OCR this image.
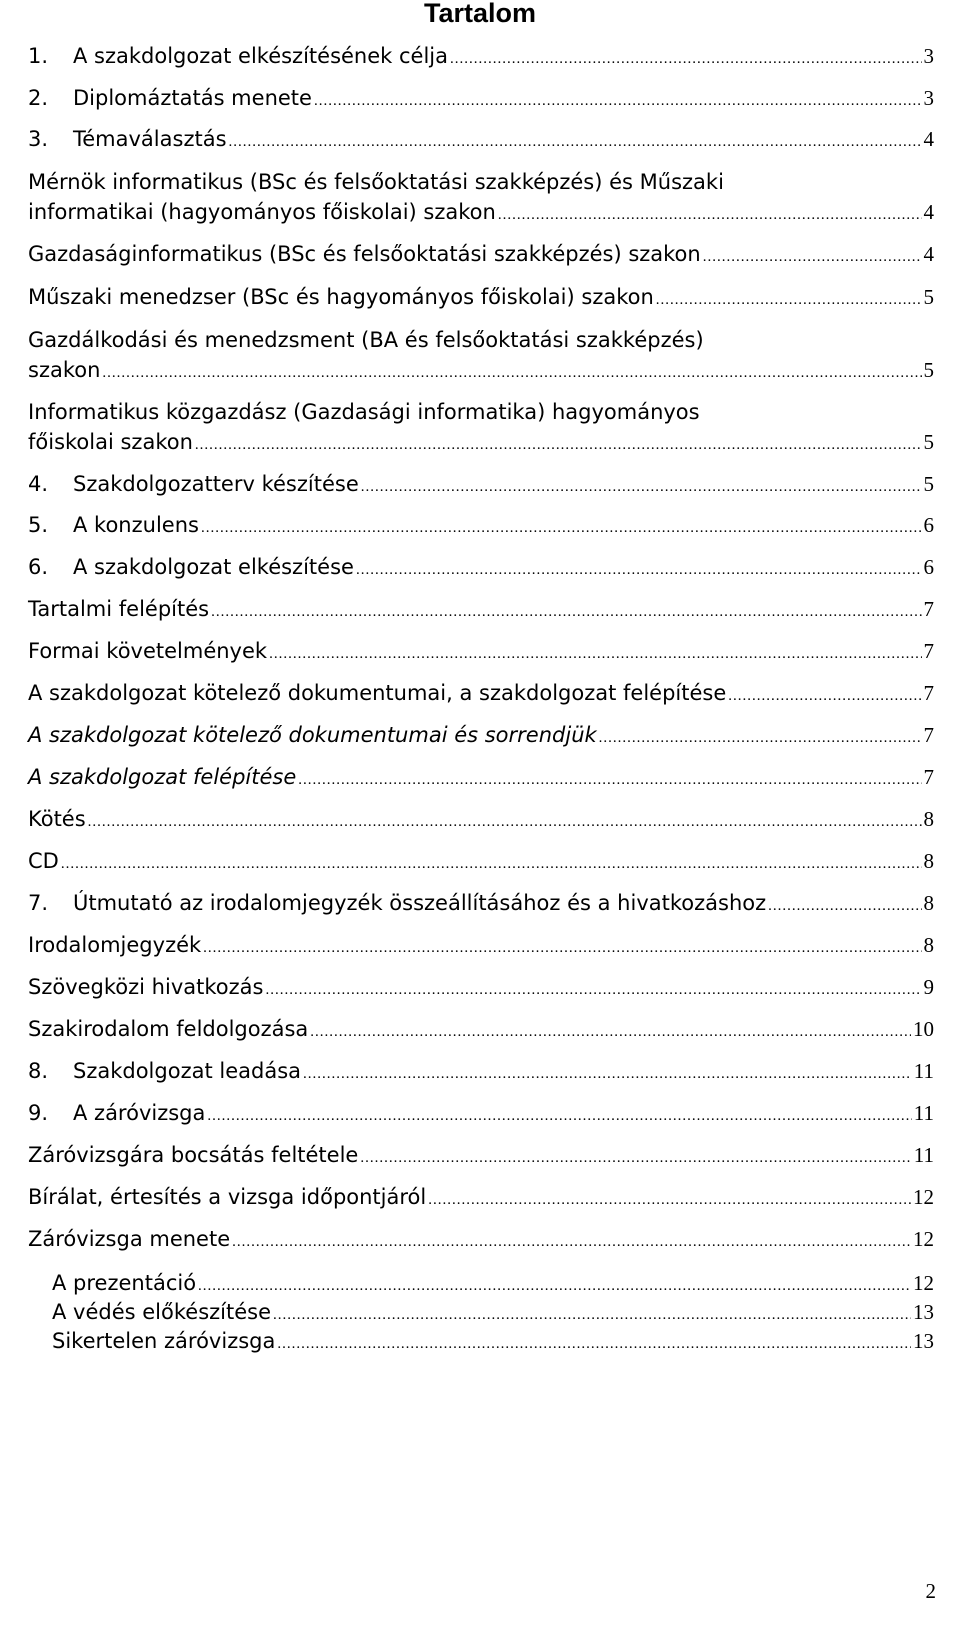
Tartalom
1.	A szakdolgozat elkészítésének célja .....	3
2.	Diplomáztatás menete .....	3
3.	Témaválasztás .....	4
Mérnök informatikus (BSc és felsőoktatási szakképzés) és Műszaki
informatikai (hagyományos főiskolai) szakon .....	4
Gazdaságinformatikus (BSc és felsőoktatási szakképzés) szakon .....	4
Műszaki menedzser (BSc és hagyományos főiskolai) szakon .....	5
Gazdálkodási és menedzsment (BA és felsőoktatási szakképzés)
szakon .....	5
Informatikus közgazdász (Gazdasági informatika) hagyományos
főiskolai szakon .....	5
4.	Szakdolgozatterv készítése .....	5
5.	A konzulens .....	6
6.	A szakdolgozat elkészítése .....	6
Tartalmi felépítés .....	7
Formai követelmények .....	7
A szakdolgozat kötelező dokumentumai, a szakdolgozat felépítése .....	7
A szakdolgozat kötelező dokumentumai és sorrendjük .....	7
A szakdolgozat felépítése .....	7
Kötés .....	8
CD .....	8
7.	Útmutató az irodalomjegyzék összeállításához és a hivatkozáshoz .....	8
Irodalomjegyzék .....	8
Szövegközi hivatkozás .....	9
Szakirodalom feldolgozása .....	10
8.	Szakdolgozat leadása .....	11
9.	A záróvizsga .....	11
Záróvizsgára bocsátás feltétele .....	11
Bírálat, értesítés a vizsga időpontjáról .....	12
Záróvizsga menete .....	12
A prezentáció .....	12
A védés előkészítése .....	13
Sikertelen záróvizsga .....	13
2
